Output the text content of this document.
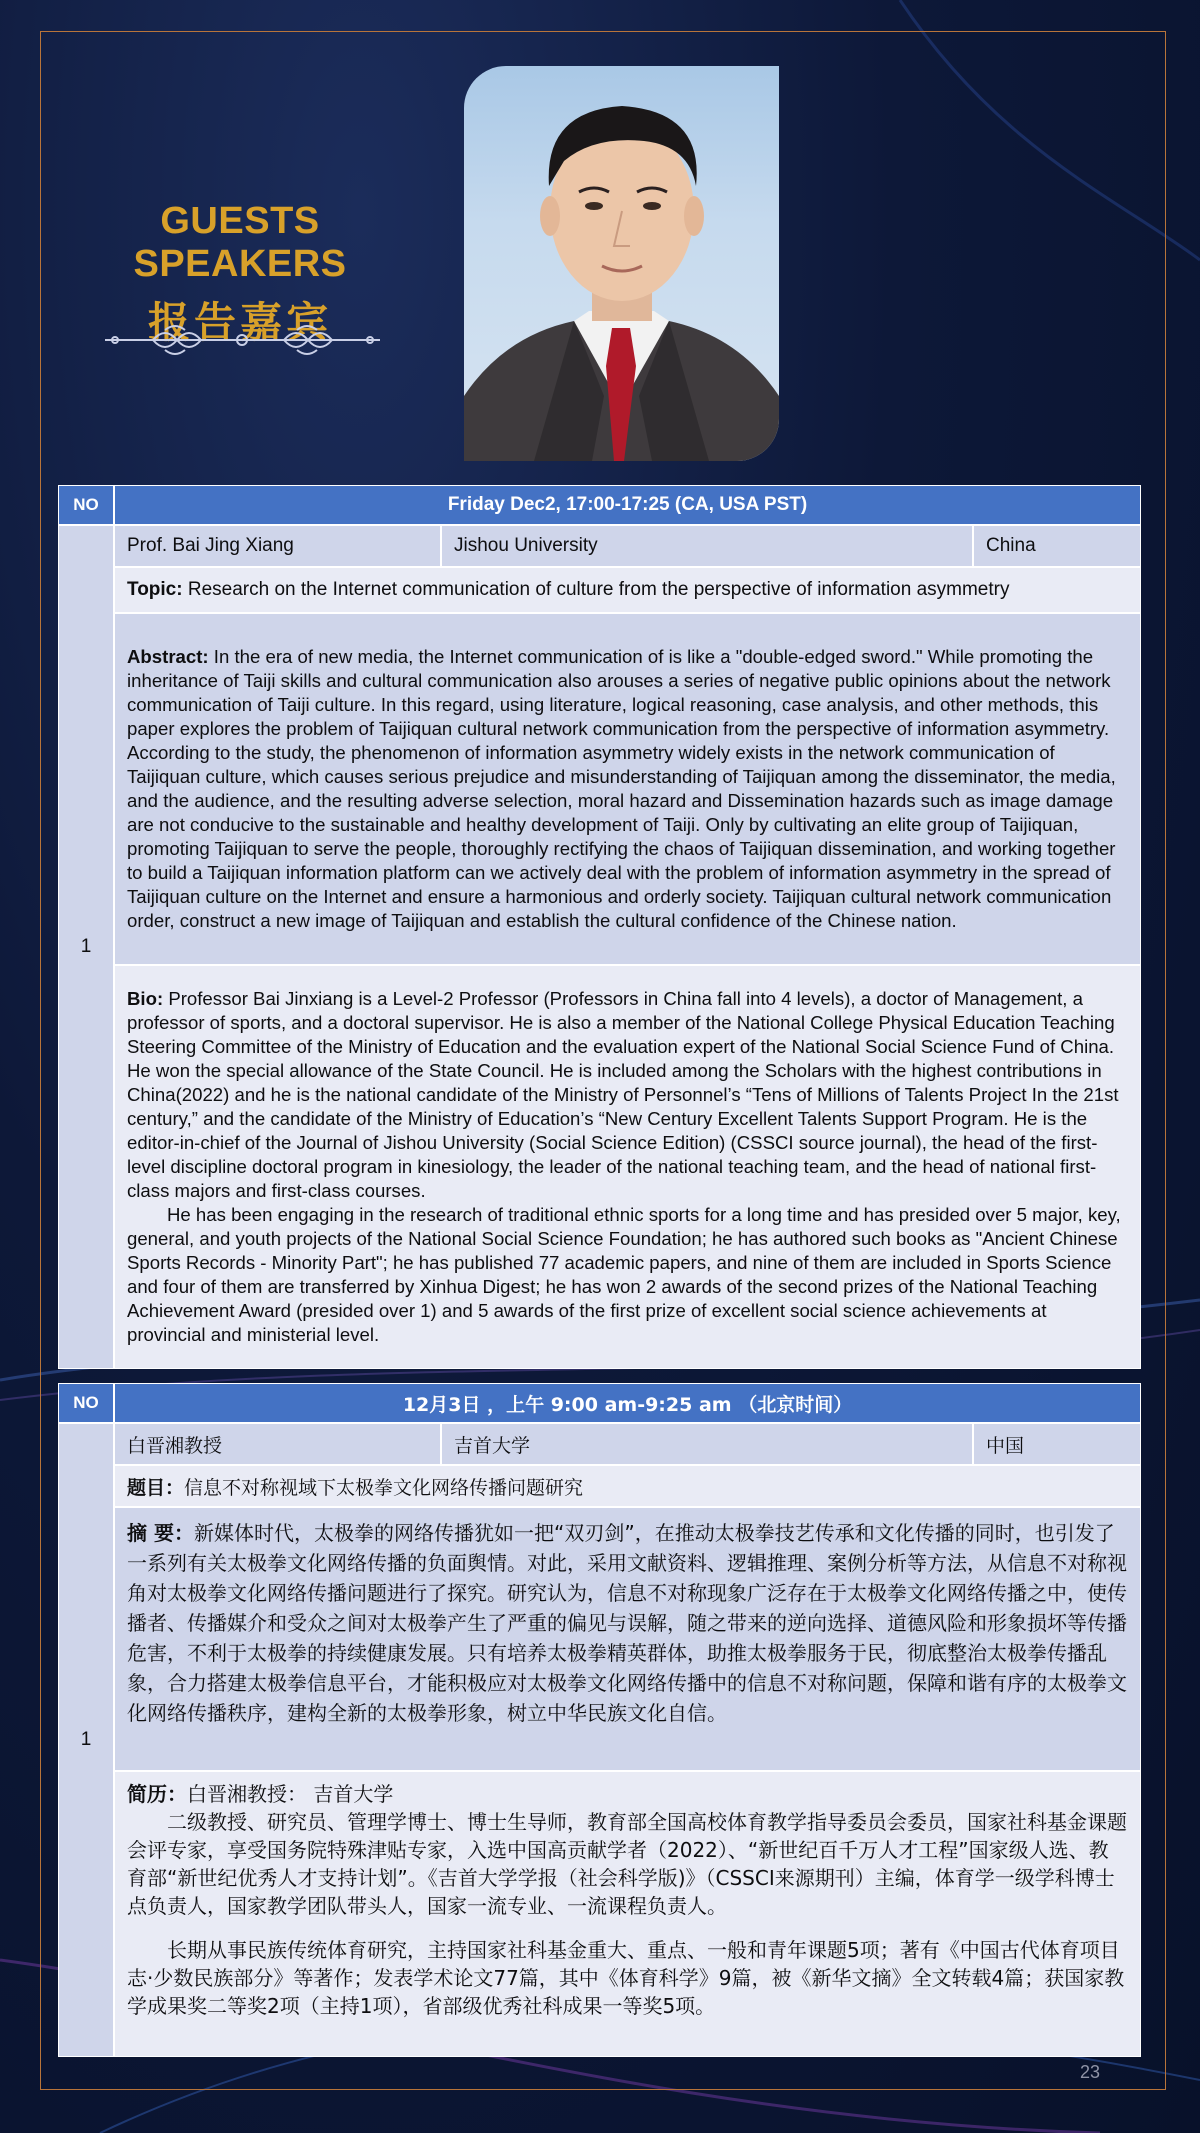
GUESTS SPEAKERS
报告嘉宾
NO	Friday Dec2, 17:00-17:25 (CA, USA PST)		
1	Prof. Bai Jing Xiang	Jishou University	China
	Topic: Research on the Internet communication of culture from the perspective of information asymmetry		
	Abstract: In the era of new media, the Internet communication of is like a "double-edged sword." While promoting the inheritance of Taiji skills and cultural communication also arouses a series of negative public opinions about the network communication of Taiji culture. In this regard, using literature, logical reasoning, case analysis, and other methods, this paper explores the problem of Taijiquan cultural network communication from the perspective of information asymmetry. According to the study, the phenomenon of information asymmetry widely exists in the network communication of Taijiquan culture, which causes serious prejudice and misunderstanding of Taijiquan among the disseminator, the media, and the audience, and the resulting adverse selection, moral hazard and Dissemination hazards such as image damage are not conducive to the sustainable and healthy development of Taiji. Only by cultivating an elite group of Taijiquan, promoting Taijiquan to serve the people, thoroughly rectifying the chaos of Taijiquan dissemination, and working together to build a Taijiquan information platform can we actively deal with the problem of information asymmetry in the spread of Taijiquan culture on the Internet and ensure a harmonious and orderly society. Taijiquan cultural network communication order, construct a new image of Taijiquan and establish the cultural confidence of the Chinese nation.		

	Bio: Professor Bai Jinxiang is a Level-2 Professor (Professors in China fall into 4 levels), a doctor of Management, a professor of sports, and a doctoral supervisor. He is also a member of the National College Physical Education Teaching Steering Committee of the Ministry of Education and the evaluation expert of the National Social Science Fund of China. He won the special allowance of the State Council. He is included among the Scholars with the highest contributions in China(2022) and he is the national candidate of the Ministry of Personnel’s “Tens of Millions of Talents Project In the 21st century,” and the candidate of the Ministry of Education’s “New Century Excellent Talents Support Program. He is the editor-in-chief of the Journal of Jishou University (Social Science Edition) (CSSCI source journal), the head of the first-level discipline doctoral program in kinesiology, the leader of the national teaching team, and the head of national first-class majors and first-class courses.

He has been engaging in the research of traditional ethnic sports for a long time and has presided over 5 major, key, general, and youth projects of the National Social Science Foundation; he has authored such books as "Ancient Chinese Sports Records - Minority Part"; he has published 77 academic papers, and nine of them are included in Sports Science and four of them are transferred by Xinhua Digest; he has won 2 awards of the second prizes of the National Teaching Achievement Award (presided over 1) and 5 awards of the first prize of excellent social science achievements at provincial and ministerial level.		

NO	12月3日 ，上午 9:00 am-9:25 am （北京时间）		
1	白晋湘教授	吉首大学	中国
	题目：信息不对称视域下太极拳文化网络传播问题研究		
	摘 要：新媒体时代，太极拳的网络传播犹如一把“双刃剑”，在推动太极拳技艺传承和文化传播的同时，也引发了一系列有关太极拳文化网络传播的负面舆情。对此，采用文献资料、逻辑推理、案例分析等方法，从信息不对称视角对太极拳文化网络传播问题进行了探究。研究认为，信息不对称现象广泛存在于太极拳文化网络传播之中，使传播者、传播媒介和受众之间对太极拳产生了严重的偏见与误解，随之带来的逆向选择、道德风险和形象损坏等传播危害，不利于太极拳的持续健康发展。只有培养太极拳精英群体，助推太极拳服务于民，彻底整治太极拳传播乱象，合力搭建太极拳信息平台，才能积极应对太极拳文化网络传播中的信息不对称问题，保障和谐有序的太极拳文化网络传播秩序，建构全新的太极拳形象，树立中华民族文化自信。		

	简历：白晋湘教授： 吉首大学

二级教授、研究员、管理学博士、博士生导师，教育部全国高校体育教学指导委员会委员，国家社科基金课题会评专家，享受国务院特殊津贴专家，入选中国高贡献学者（2022）、“新世纪百千万人才工程”国家级人选、教育部“新世纪优秀人才支持计划”。《吉首大学学报（社会科学版)》（CSSCI来源期刊）主编，体育学一级学科博士点负责人，国家教学团队带头人，国家一流专业、一流课程负责人。

长期从事民族传统体育研究，主持国家社科基金重大、重点、一般和青年课题5项；著有《中国古代体育项目志·少数民族部分》等著作；发表学术论文77篇，其中《体育科学》9篇，被《新华文摘》全文转载4篇；获国家教学成果奖二等奖2项（主持1项），省部级优秀社科成果一等奖5项。		

23
